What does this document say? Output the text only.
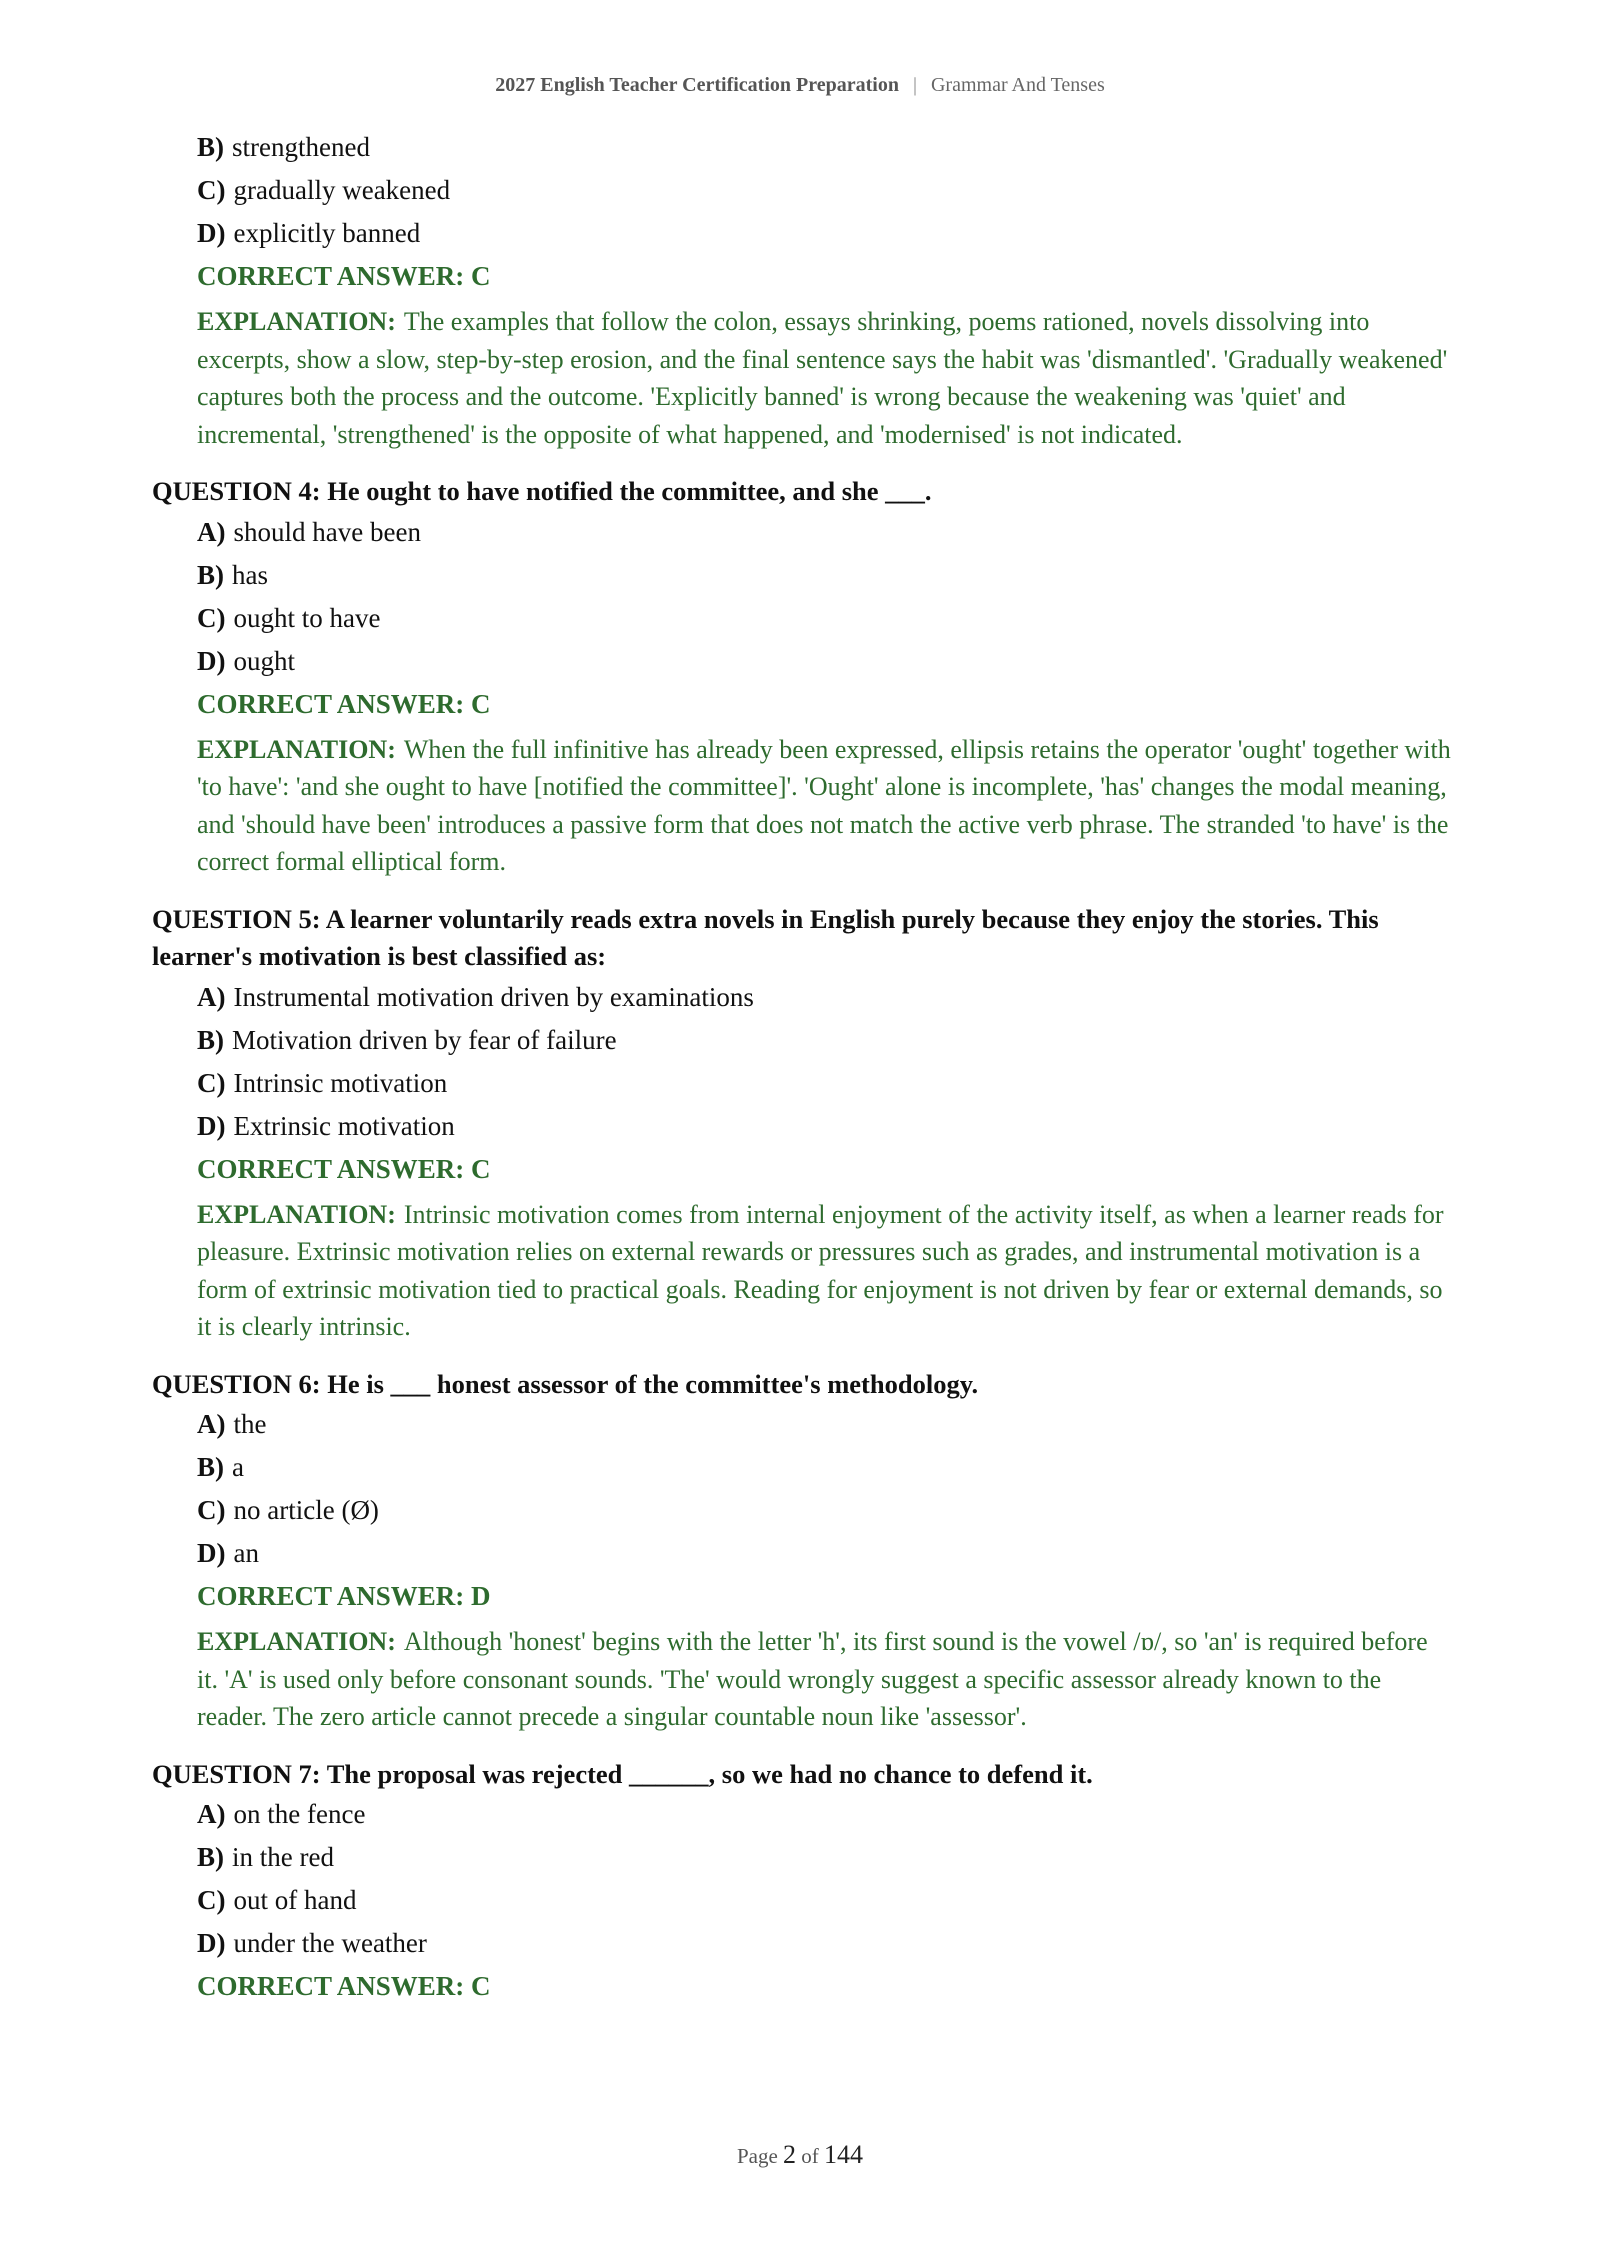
2027 English Teacher Certification Preparation | Grammar And Tenses
B) strengthened
C) gradually weakened
D) explicitly banned
CORRECT ANSWER: C
EXPLANATION: The examples that follow the colon, essays shrinking, poems rationed, novels dissolving into excerpts, show a slow, step-by-step erosion, and the final sentence says the habit was 'dismantled'. 'Gradually weakened' captures both the process and the outcome. 'Explicitly banned' is wrong because the weakening was 'quiet' and incremental, 'strengthened' is the opposite of what happened, and 'modernised' is not indicated.
QUESTION 4: He ought to have notified the committee, and she ___.
A) should have been
B) has
C) ought to have
D) ought
CORRECT ANSWER: C
EXPLANATION: When the full infinitive has already been expressed, ellipsis retains the operator 'ought' together with 'to have': 'and she ought to have [notified the committee]'. 'Ought' alone is incomplete, 'has' changes the modal meaning, and 'should have been' introduces a passive form that does not match the active verb phrase. The stranded 'to have' is the correct formal elliptical form.
QUESTION 5: A learner voluntarily reads extra novels in English purely because they enjoy the stories. This learner's motivation is best classified as:
A) Instrumental motivation driven by examinations
B) Motivation driven by fear of failure
C) Intrinsic motivation
D) Extrinsic motivation
CORRECT ANSWER: C
EXPLANATION: Intrinsic motivation comes from internal enjoyment of the activity itself, as when a learner reads for pleasure. Extrinsic motivation relies on external rewards or pressures such as grades, and instrumental motivation is a form of extrinsic motivation tied to practical goals. Reading for enjoyment is not driven by fear or external demands, so it is clearly intrinsic.
QUESTION 6: He is ___ honest assessor of the committee's methodology.
A) the
B) a
C) no article (Ø)
D) an
CORRECT ANSWER: D
EXPLANATION: Although 'honest' begins with the letter 'h', its first sound is the vowel /ɒ/, so 'an' is required before it. 'A' is used only before consonant sounds. 'The' would wrongly suggest a specific assessor already known to the reader. The zero article cannot precede a singular countable noun like 'assessor'.
QUESTION 7: The proposal was rejected ______, so we had no chance to defend it.
A) on the fence
B) in the red
C) out of hand
D) under the weather
CORRECT ANSWER: C
Page 2 of 144
